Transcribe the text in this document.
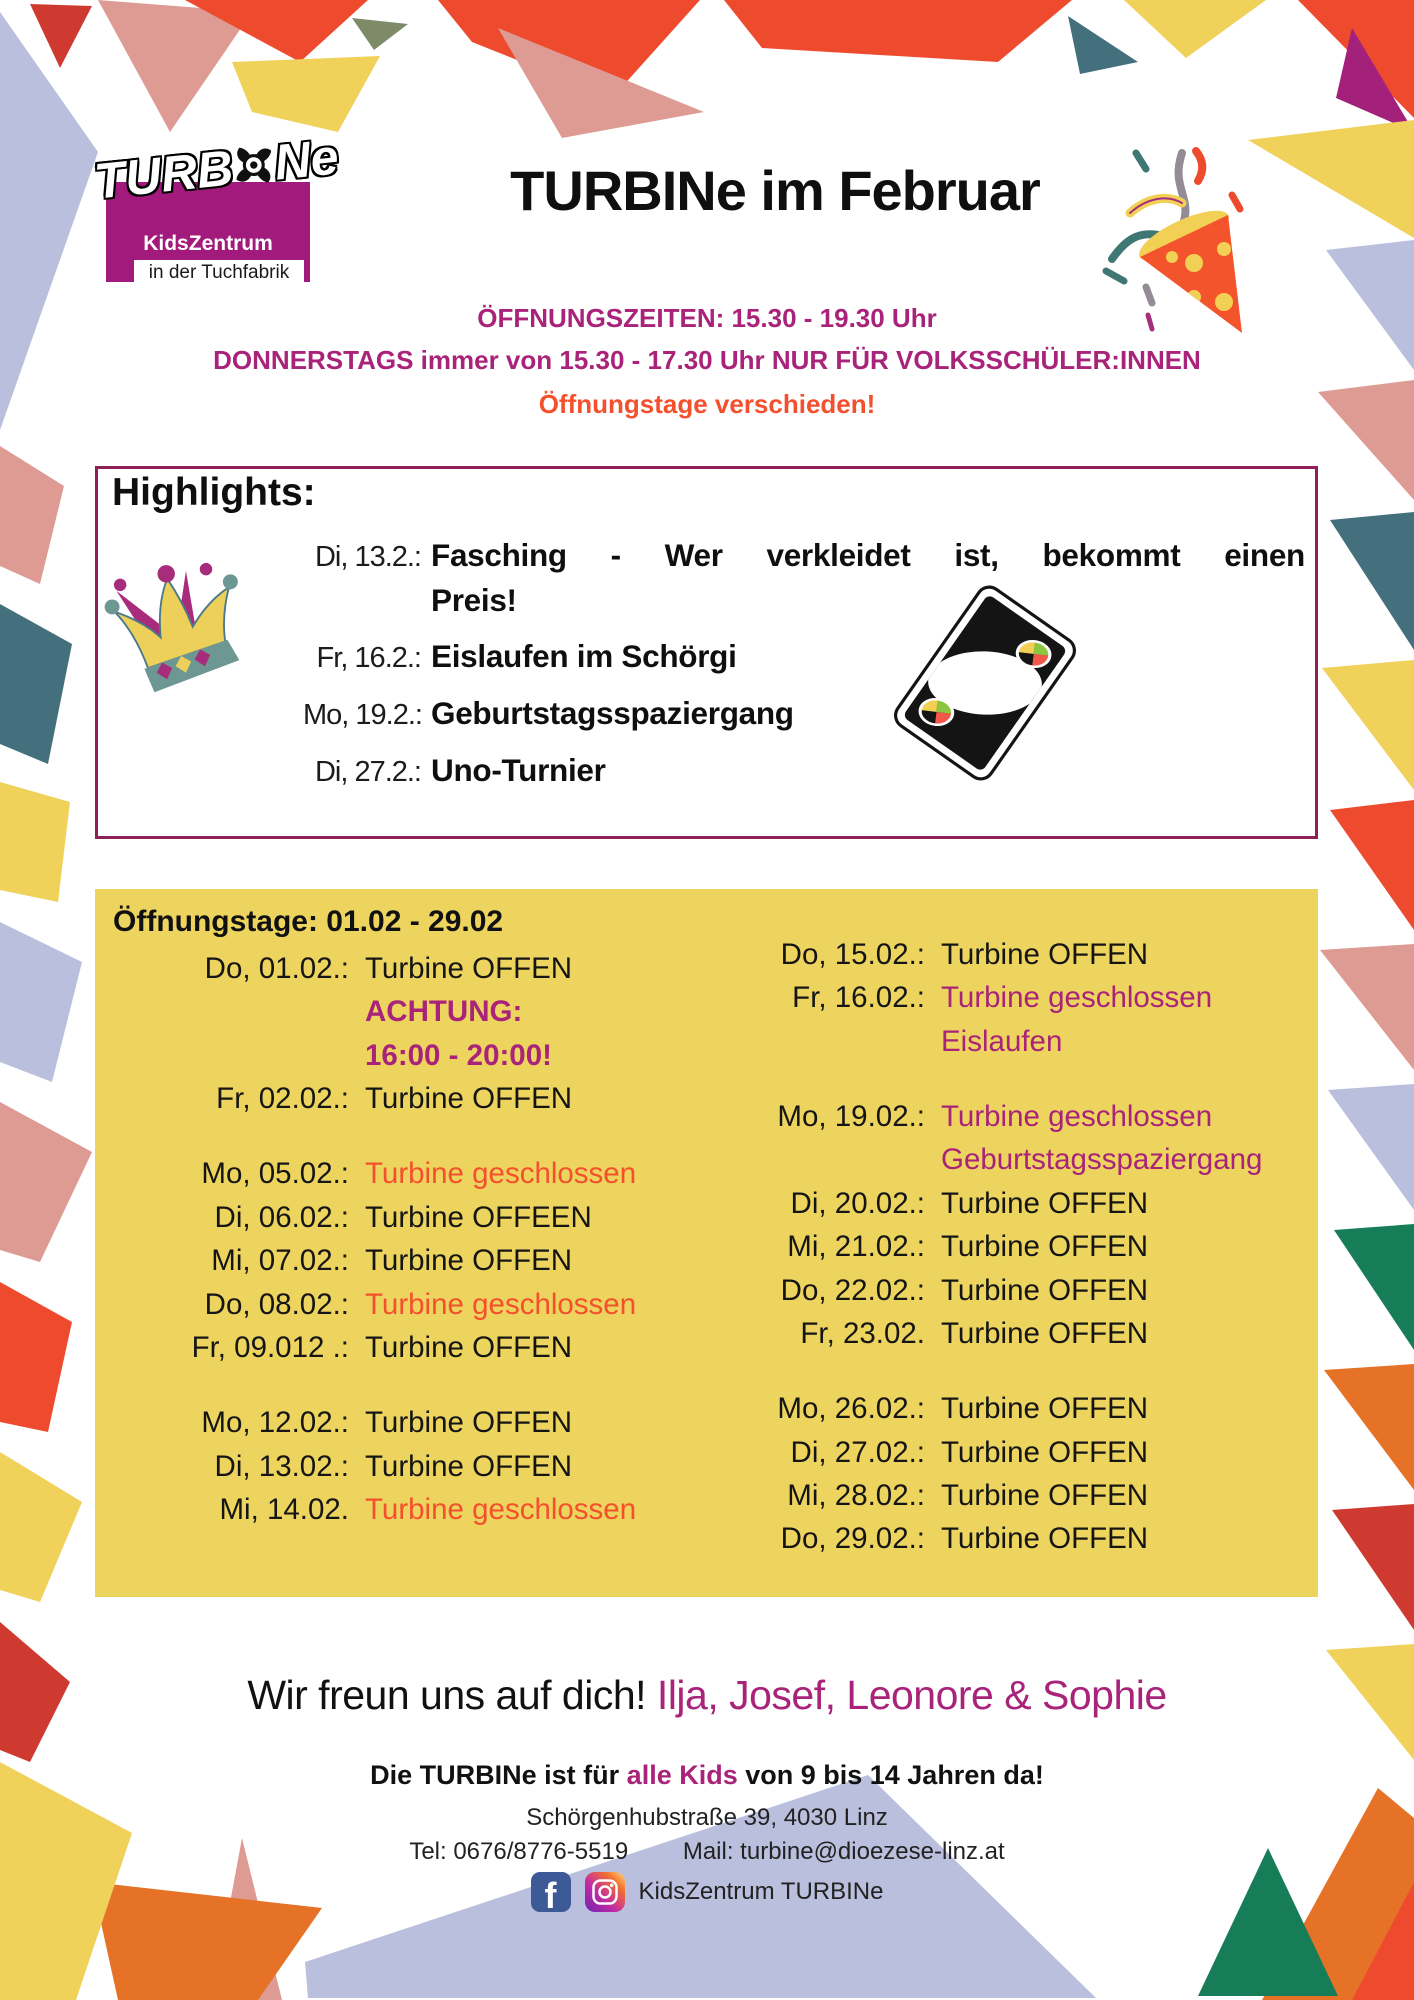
TURB Ne
KidsZentrum
in der Tuchfabrik
TURBINe im Februar
ÖFFNUNGSZEITEN: 15.30 - 19.30 Uhr
DONNERSTAGS immer von 15.30 - 17.30 Uhr NUR FÜR VOLKSSCHÜLER:INNEN
Öffnungstage verschieden!
Highlights:
Di, 13.2.: Fasching - Wer verkleidet ist, bekommt einen
Preis!
Fr, 16.2.: Eislaufen im Schörgi
Mo, 19.2.: Geburtstagsspaziergang
Di, 27.2.: Uno-Turnier
Öffnungstage: 01.02 - 29.02
Do, 01.02.: Turbine OFFEN
ACHTUNG:
16:00 - 20:00!
Fr, 02.02.: Turbine OFFEN
Mo, 05.02.: Turbine geschlossen
Di, 06.02.: Turbine OFFEEN
Mi, 07.02.: Turbine OFFEN
Do, 08.02.: Turbine geschlossen
Fr, 09.012 .: Turbine OFFEN
Mo, 12.02.: Turbine OFFEN
Di, 13.02.: Turbine OFFEN
Mi, 14.02. Turbine geschlossen
Do, 15.02.: Turbine OFFEN
Fr, 16.02.: Turbine geschlossen
Eislaufen
Mo, 19.02.: Turbine geschlossen
Geburtstagsspaziergang
Di, 20.02.: Turbine OFFEN
Mi, 21.02.: Turbine OFFEN
Do, 22.02.: Turbine OFFEN
Fr, 23.02. Turbine OFFEN
Mo, 26.02.: Turbine OFFEN
Di, 27.02.: Turbine OFFEN
Mi, 28.02.: Turbine OFFEN
Do, 29.02.: Turbine OFFEN
Wir freun uns auf dich! Ilja, Josef, Leonore & Sophie
Die TURBINe ist für alle Kids von 9 bis 14 Jahren da!
Schörgenhubstraße 39, 4030 Linz
Tel: 0676/8776-5519 Mail: turbine@dioezese-linz.at
f	KidsZentrum TURBINe
